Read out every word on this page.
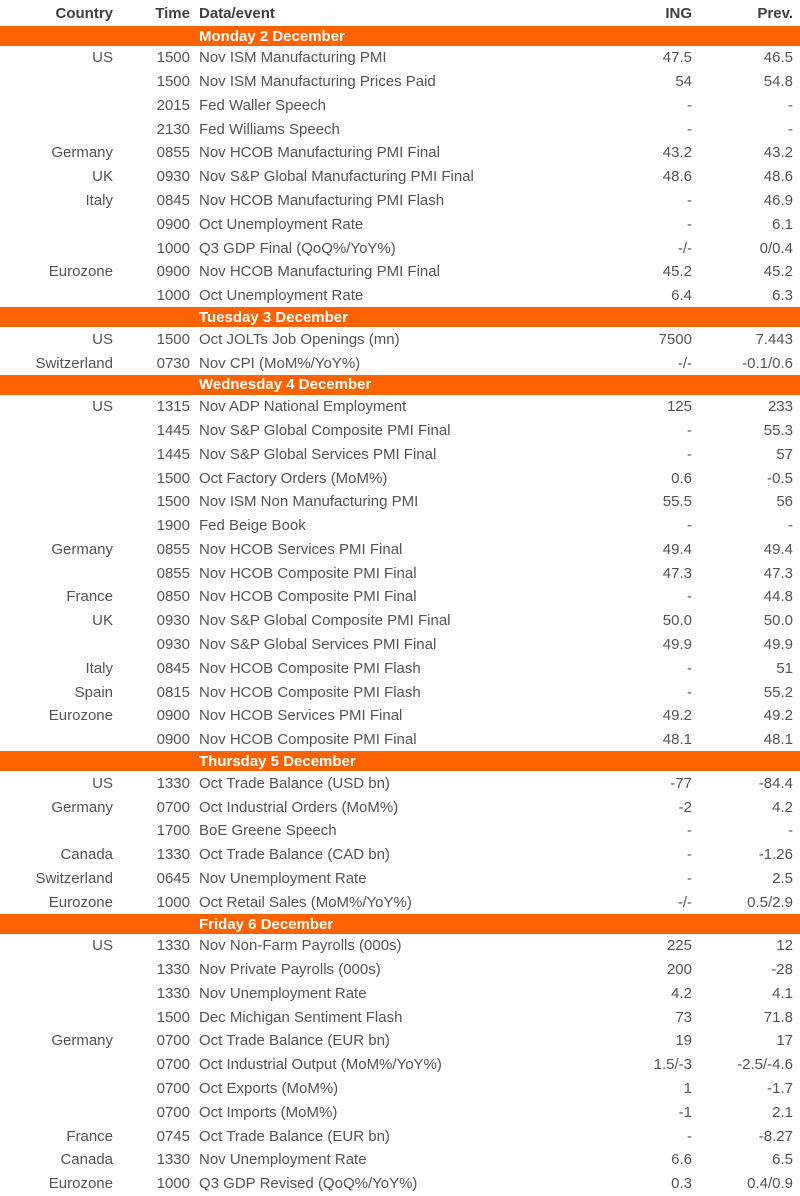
Country	Time Data/event	ING	Prev.
Monday 2 December
US	1500 Nov ISM Manufacturing PMI	47.5	46.5
1500 Nov ISM Manufacturing Prices Paid	54	54.8
2015 Fed Waller Speech	-	-
2130 Fed Williams Speech	-	-
Germany	0855 Nov HCOB Manufacturing PMI Final	43.2	43.2
UK	0930 Nov S&P Global Manufacturing PMI Final	48.6	48.6
Italy	0845 Nov HCOB Manufacturing PMI Flash	-	46.9
0900 Oct Unemployment Rate	-	6.1
1000 Q3 GDP Final (QoQ%/YoY%)	-/-	0/0.4
Eurozone	0900 Nov HCOB Manufacturing PMI Final	45.2	45.2
1000 Oct Unemployment Rate	6.4	6.3
Tuesday 3 December
US	1500 Oct JOLTs Job Openings (mn)	7500	7.443
Switzerland	0730 Nov CPI (MoM%/YoY%)	-/-	-0.1/0.6
Wednesday 4 December
US	1315 Nov ADP National Employment	125	233
1445 Nov S&P Global Composite PMI Final	-	55.3
1445 Nov S&P Global Services PMI Final	-	57
1500 Oct Factory Orders (MoM%)	0.6	-0.5
1500 Nov ISM Non Manufacturing PMI	55.5	56
1900 Fed Beige Book	-	-
Germany	0855 Nov HCOB Services PMI Final	49.4	49.4
0855 Nov HCOB Composite PMI Final	47.3	47.3
France	0850 Nov HCOB Composite PMI Final	-	44.8
UK	0930 Nov S&P Global Composite PMI Final	50.0	50.0
0930 Nov S&P Global Services PMI Final	49.9	49.9
Italy	0845 Nov HCOB Composite PMI Flash	-	51
Spain	0815 Nov HCOB Composite PMI Flash	-	55.2
Eurozone	0900 Nov HCOB Services PMI Final	49.2	49.2
0900 Nov HCOB Composite PMI Final	48.1	48.1
Thursday 5 December
US	1330 Oct Trade Balance (USD bn)	-77	-84.4
Germany	0700 Oct Industrial Orders (MoM%)	-2	4.2
1700 BoE Greene Speech	-	-
Canada	1330 Oct Trade Balance (CAD bn)	-	-1.26
Switzerland	0645 Nov Unemployment Rate	-	2.5
Eurozone	1000 Oct Retail Sales (MoM%/YoY%)	-/-	0.5/2.9
Friday 6 December
US	1330 Nov Non-Farm Payrolls (000s)	225	12
1330 Nov Private Payrolls (000s)	200	-28
1330 Nov Unemployment Rate	4.2	4.1
1500 Dec Michigan Sentiment Flash	73	71.8
Germany	0700 Oct Trade Balance (EUR bn)	19	17
0700 Oct Industrial Output (MoM%/YoY%)	1.5/-3	-2.5/-4.6
0700 Oct Exports (MoM%)	1	-1.7
0700 Oct Imports (MoM%)	-1	2.1
France	0745 Oct Trade Balance (EUR bn)	-	-8.27
Canada	1330 Nov Unemployment Rate	6.6	6.5
Eurozone	1000 Q3 GDP Revised (QoQ%/YoY%)	0.3	0.4/0.9
